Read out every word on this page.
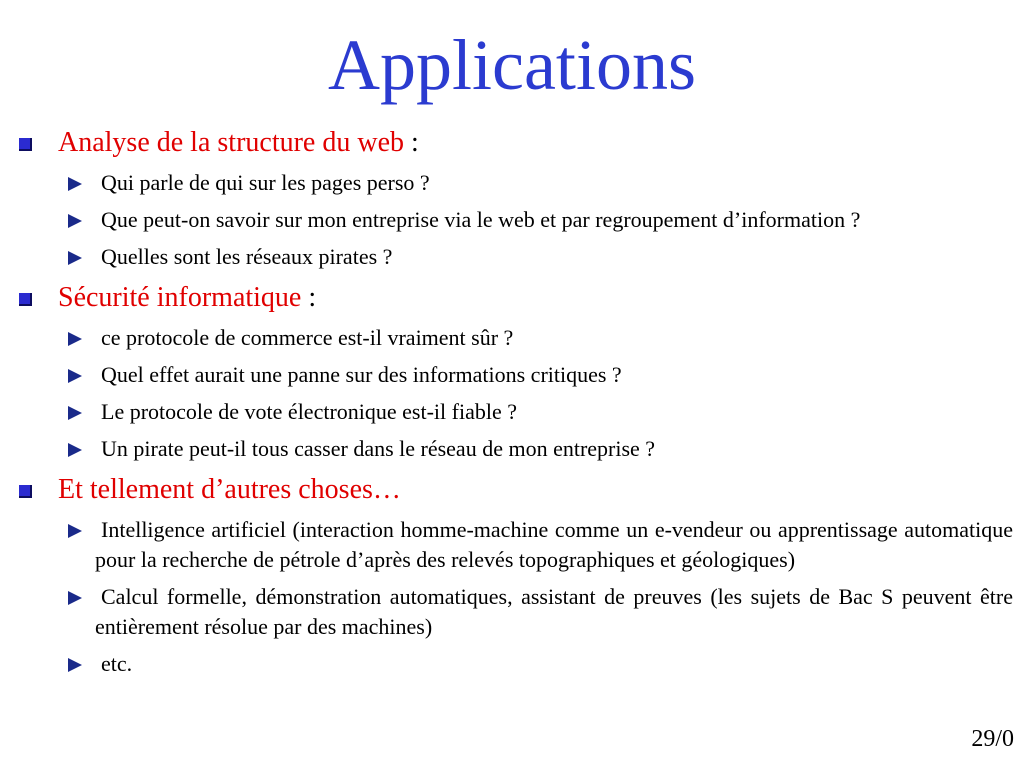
Applications
Analyse de la structure du web :
Qui parle de qui sur les pages perso ?
Que peut-on savoir sur mon entreprise via le web et par regroupement d’information ?
Quelles sont les réseaux pirates ?
Sécurité informatique :
ce protocole de commerce est-il vraiment sûr ?
Quel effet aurait une panne sur des informations critiques ?
Le protocole de vote électronique est-il fiable ?
Un pirate peut-il tous casser dans le réseau de mon entreprise ?
Et tellement d’autres choses…
Intelligence artificiel (interaction homme-machine comme un e-vendeur ou apprentissage automatique pour la recherche de pétrole d’après des relevés topographiques et géologiques)
Calcul formelle, démonstration automatiques, assistant de preuves (les sujets de Bac S peuvent être entièrement résolue par des machines)
etc.
29/0
